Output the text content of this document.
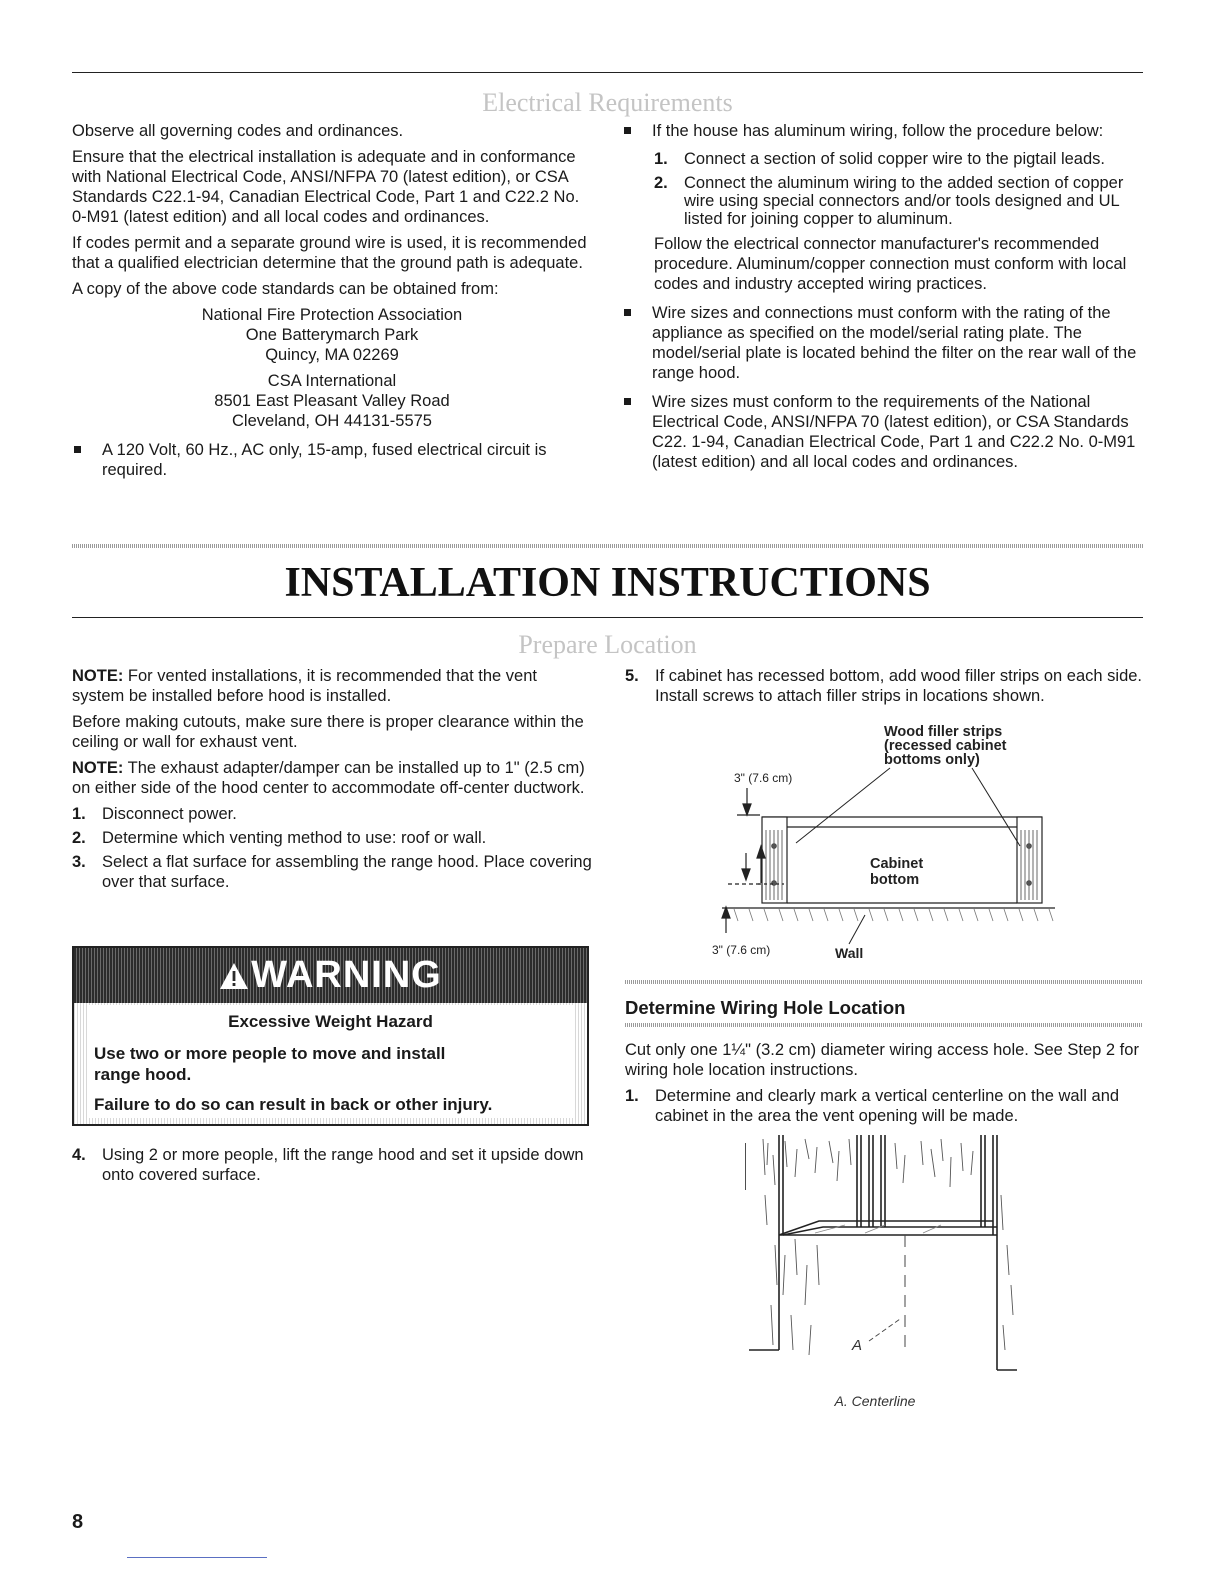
Electrical Requirements

Observe all governing codes and ordinances.

Ensure that the electrical installation is adequate and in conformance with National Electrical Code, ANSI/NFPA 70 (latest edition), or CSA Standards C22.1-94, Canadian Electrical Code, Part 1 and C22.2 No. 0-M91 (latest edition) and all local codes and ordinances.

If codes permit and a separate ground wire is used, it is recommended that a qualified electrician determine that the ground path is adequate.

A copy of the above code standards can be obtained from:

National Fire Protection Association

One Batterymarch Park

Quincy, MA 02269

CSA International

8501 East Pleasant Valley Road

Cleveland, OH 44131-5575

A 120 Volt, 60 Hz., AC only, 15-amp, fused electrical circuit is required.
If the house has aluminum wiring, follow the procedure below:
1. Connect a section of solid copper wire to the pigtail leads.
2. Connect the aluminum wiring to the added section of copper wire using special connectors and/or tools designed and UL listed for joining copper to aluminum.

Follow the electrical connector manufacturer's recommended procedure. Aluminum/copper connection must conform with local codes and industry accepted wiring practices.

Wire sizes and connections must conform with the rating of the appliance as specified on the model/serial rating plate. The model/serial plate is located behind the filter on the rear wall of the range hood.
Wire sizes must conform to the requirements of the National Electrical Code, ANSI/NFPA 70 (latest edition), or CSA Standards C22. 1-94, Canadian Electrical Code, Part 1 and C22.2 No. 0-M91 (latest edition) and all local codes and ordinances.
INSTALLATION INSTRUCTIONS
Prepare Location

NOTE: For vented installations, it is recommended that the vent system be installed before hood is installed.

Before making cutouts, make sure there is proper clearance within the ceiling or wall for exhaust vent.

NOTE: The exhaust adapter/damper can be installed up to 1" (2.5 cm) on either side of the hood center to accommodate off-center ductwork.

1. Disconnect power.
2. Determine which venting method to use: roof or wall.
3. Select a flat surface for assembling the range hood. Place covering over that surface.
WARNING
Excessive Weight Hazard
Use two or more people to move and install range hood.
Failure to do so can result in back or other injury.
4. Using 2 or more people, lift the range hood and set it upside down onto covered surface.
5. If cabinet has recessed bottom, add wood filler strips on each side. Install screws to attach filler strips in locations shown.
Wood filler strips
(recessed cabinet
bottoms only)
3" (7.6 cm)
Cabinet
bottom
3" (7.6 cm)	Wall
Determine Wiring Hole Location

Cut only one 1¼" (3.2 cm) diameter wiring access hole. See Step 2 for wiring hole location instructions.

1. Determine and clearly mark a vertical centerline on the wall and cabinet in the area the vent opening will be made.
A
A. Centerline
8
